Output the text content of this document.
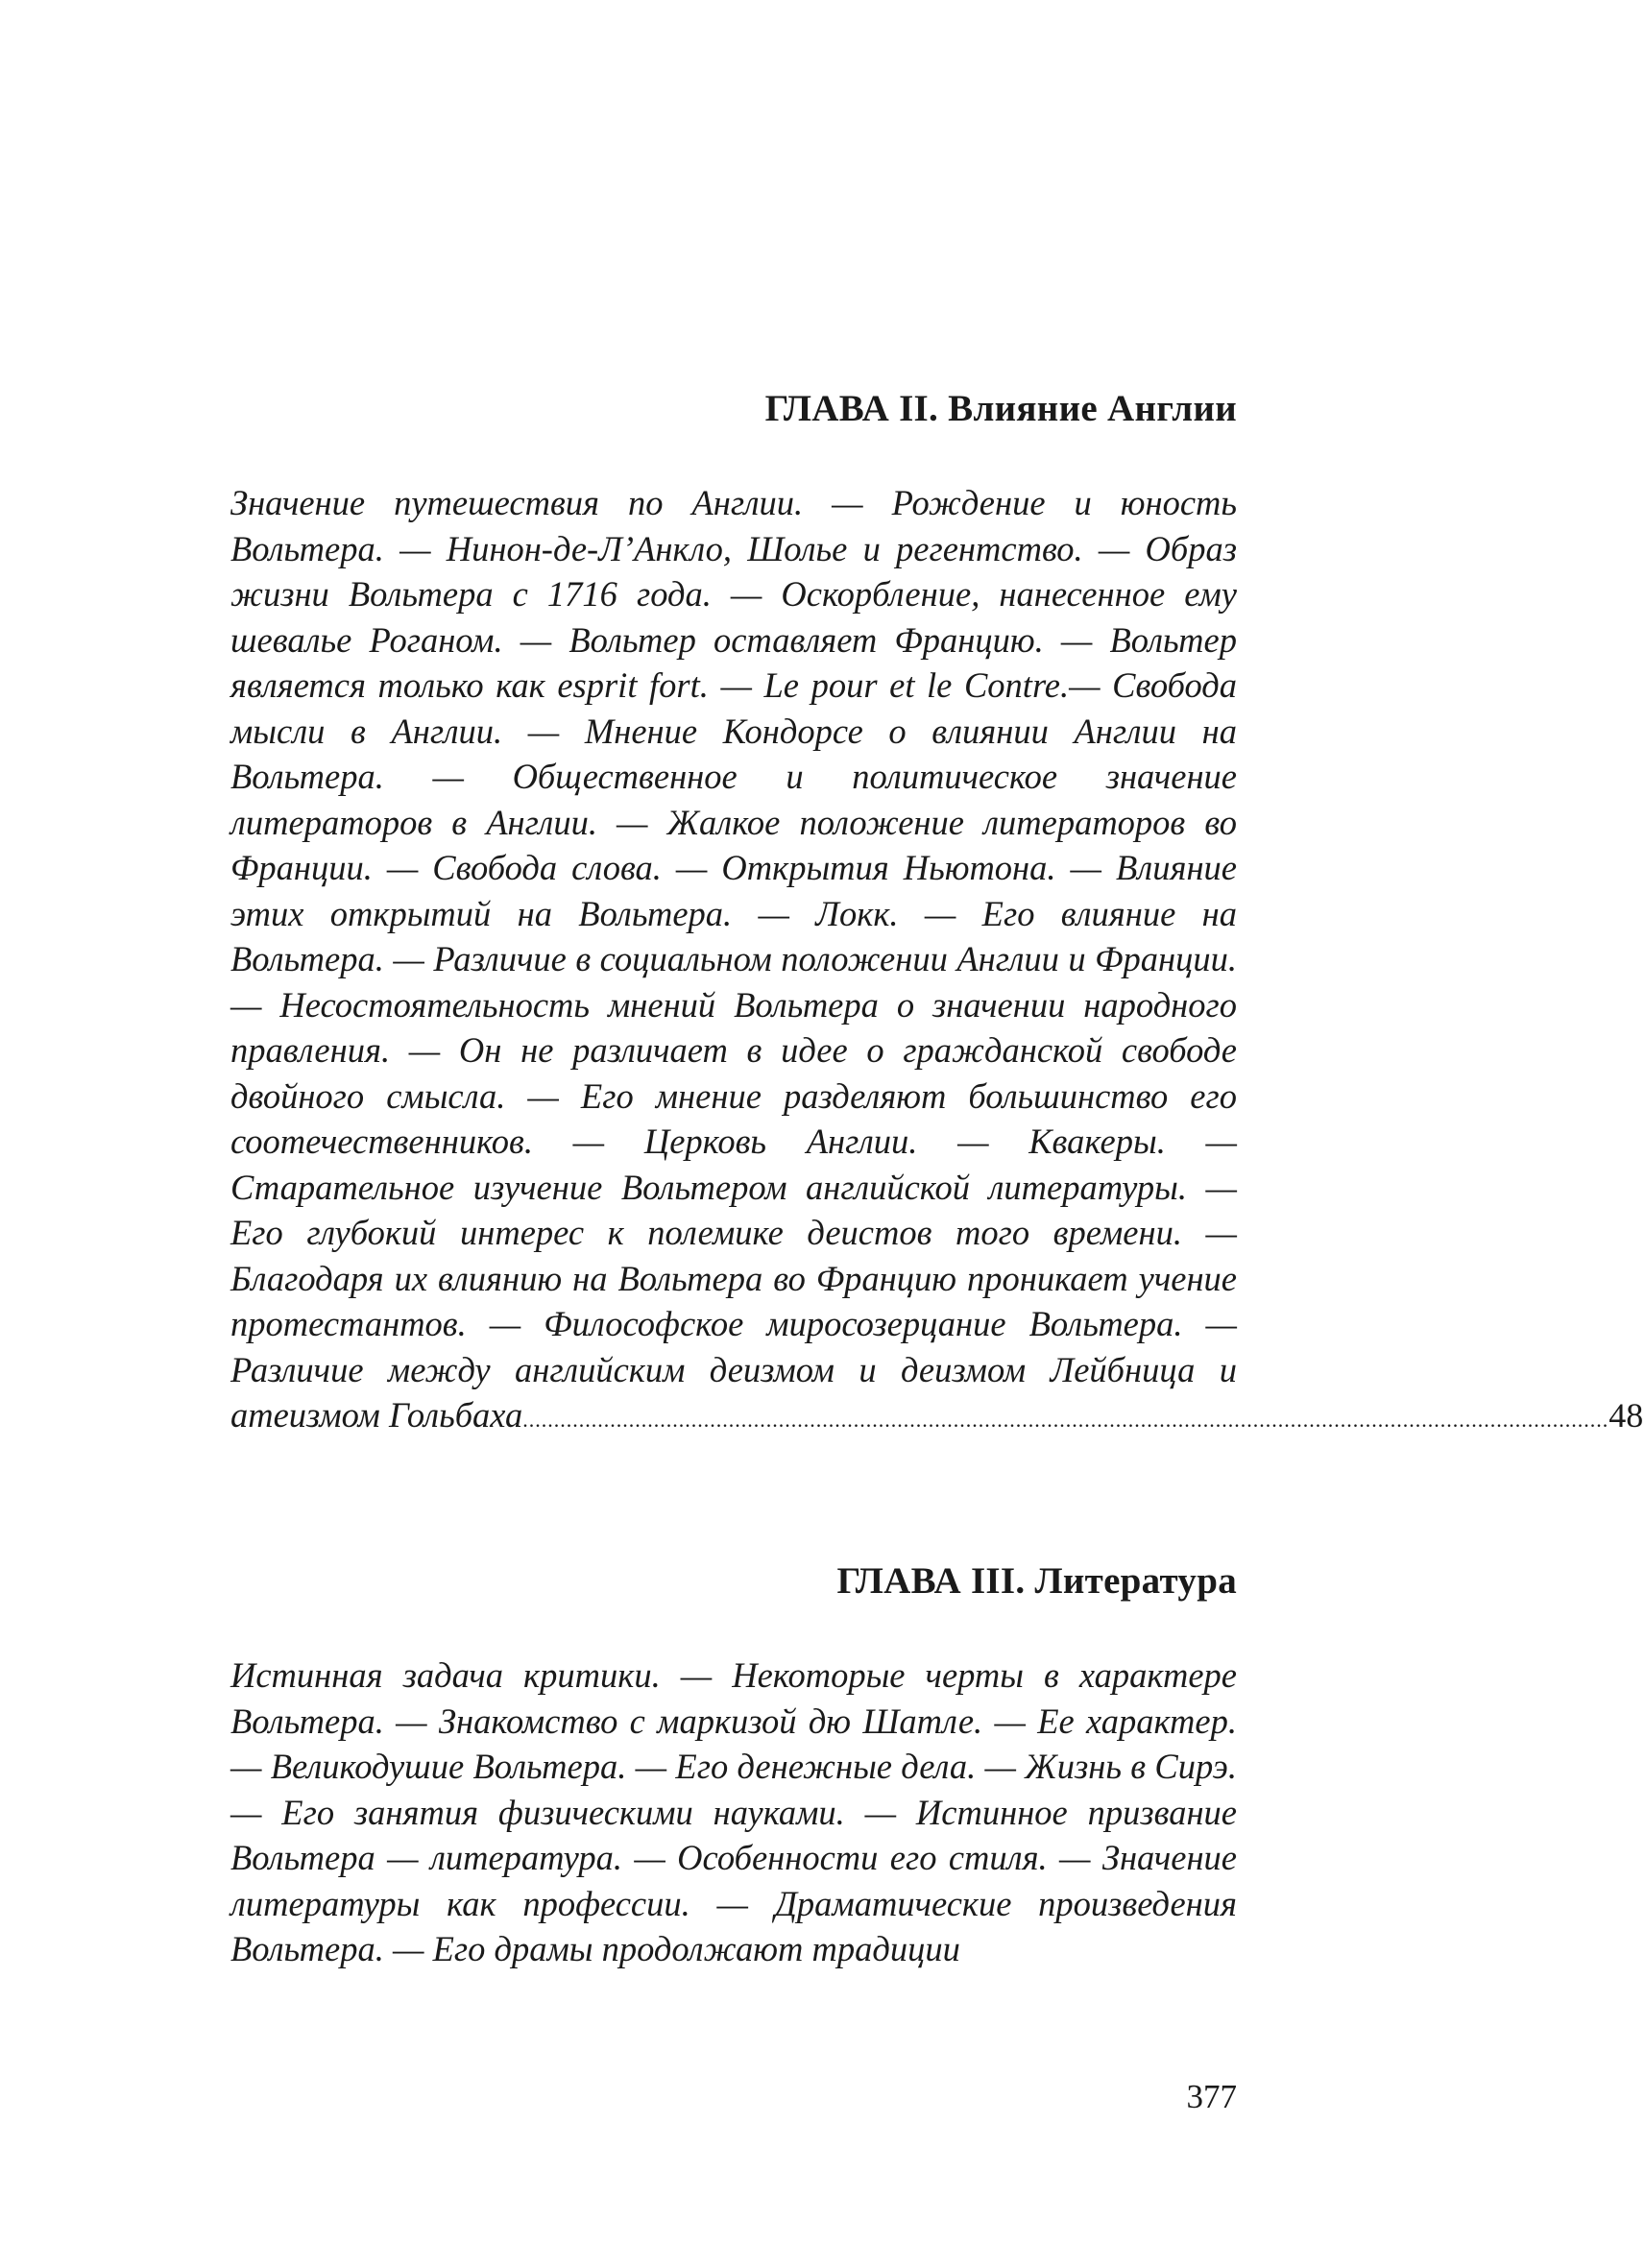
ГЛАВА II. Влияние Англии

Значение путешествия по Англии. — Рождение и юность Вольтера. — Нинон-де-Л’Анкло, Шолье и регентство. — Образ жизни Вольтера с 1716 года. — Оскорбление, нанесенное ему шевалье Роганом. — Вольтер оставляет Францию. — Вольтер является только как esprit fort. — Le pour et le Contre.— Свобода мысли в Англии. — Мнение Кондорсе о влиянии Англии на Вольтера. — Общественное и политическое значение литераторов в Англии. — Жалкое положение литераторов во Франции. — Свобода слова. — Открытия Ньютона. — Влияние этих открытий на Вольтера. — Локк. — Его влияние на Вольтера. — Различие в социальном положении Англии и Франции. — Несостоятельность мнений Вольтера о значении народного правления. — Он не различает в идее о гражданской свободе двойного смысла. — Его мнение разделяют большинство его соотечественников. — Церковь Англии. — Квакеры. — Старательное изучение Вольтером английской литературы. — Его глубокий интерес к полемике деистов того времени. — Благодаря их влиянию на Вольтера во Францию проникает учение протестантов. — Философское миросозерцание Вольтера. — Различие между английским деизмом и деизмом Лейбница и
атеизмом Гольбаха .............................................................................................................................................................................. 48

ГЛАВА III. Литература

Истинная задача критики. — Некоторые черты в характере Вольтера. — Знакомство с маркизой дю Шатле. — Ее характер. — Великодушие Вольтера. — Его денежные дела. — Жизнь в Сирэ. — Его занятия физическими науками. — Истинное призвание Вольтера — литература. — Особенности его стиля. — Значение литературы как профессии. — Драматические произведения Вольтера. — Его драмы продолжают традиции

377
